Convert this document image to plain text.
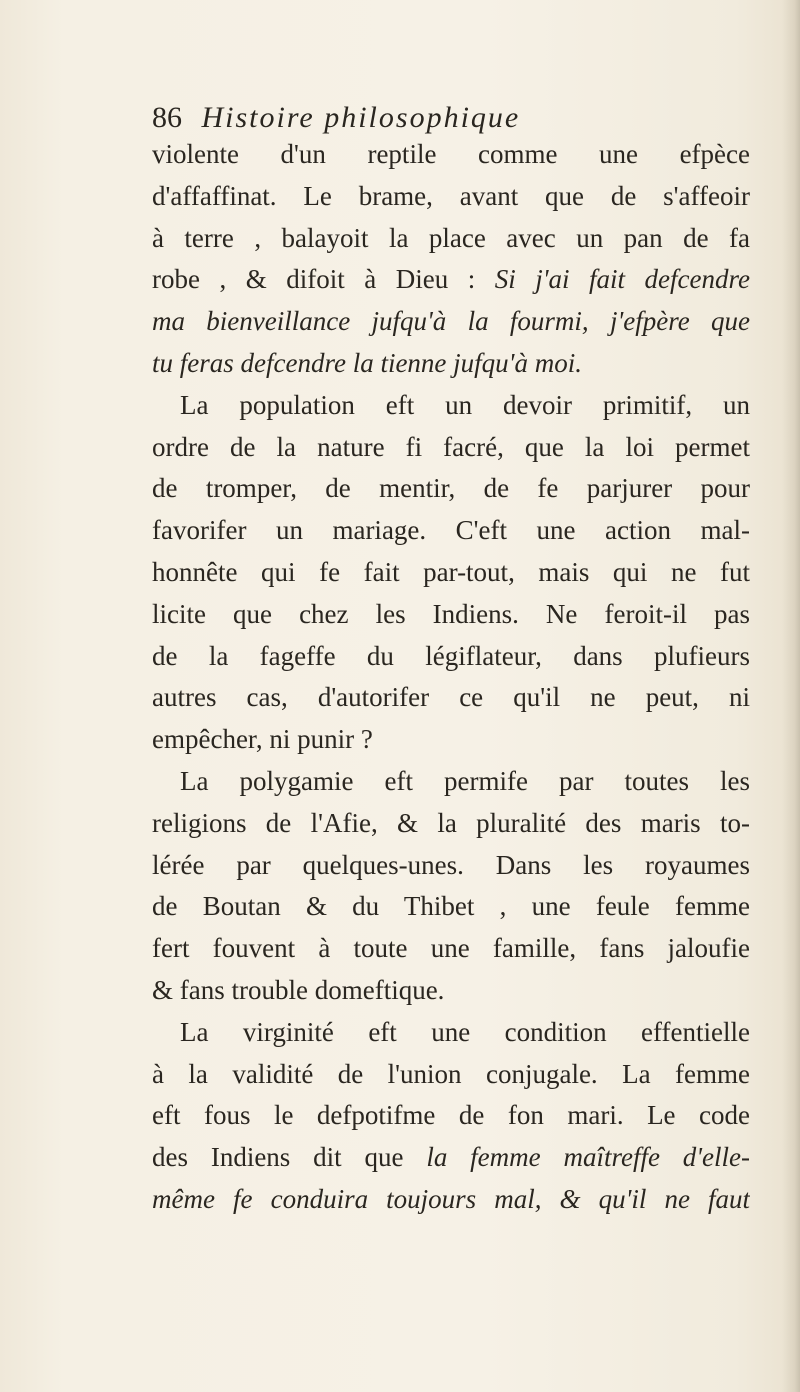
86 Histoire philosophique
violente d'un reptile comme une efpèce
d'affaffinat. Le brame, avant que de s'affeoir
à terre , balayoit la place avec un pan de fa
robe , & difoit à Dieu : Si j'ai fait defcendre
ma bienveillance jufqu'à la fourmi, j'efpère que
tu feras defcendre la tienne jufqu'à moi.
La population eft un devoir primitif, un
ordre de la nature fi facré, que la loi permet
de tromper, de mentir, de fe parjurer pour
favorifer un mariage. C'eft une action mal-
honnête qui fe fait par-tout, mais qui ne fut
licite que chez les Indiens. Ne feroit-il pas
de la fageffe du légiflateur, dans plufieurs
autres cas, d'autorifer ce qu'il ne peut, ni
empêcher, ni punir ?
La polygamie eft permife par toutes les
religions de l'Afie, & la pluralité des maris to-
lérée par quelques-unes. Dans les royaumes
de Boutan & du Thibet , une feule femme
fert fouvent à toute une famille, fans jaloufie
& fans trouble domeftique.
La virginité eft une condition effentielle
à la validité de l'union conjugale. La femme
eft fous le defpotifme de fon mari. Le code
des Indiens dit que la femme maîtreffe d'elle-
même fe conduira toujours mal, & qu'il ne faut
